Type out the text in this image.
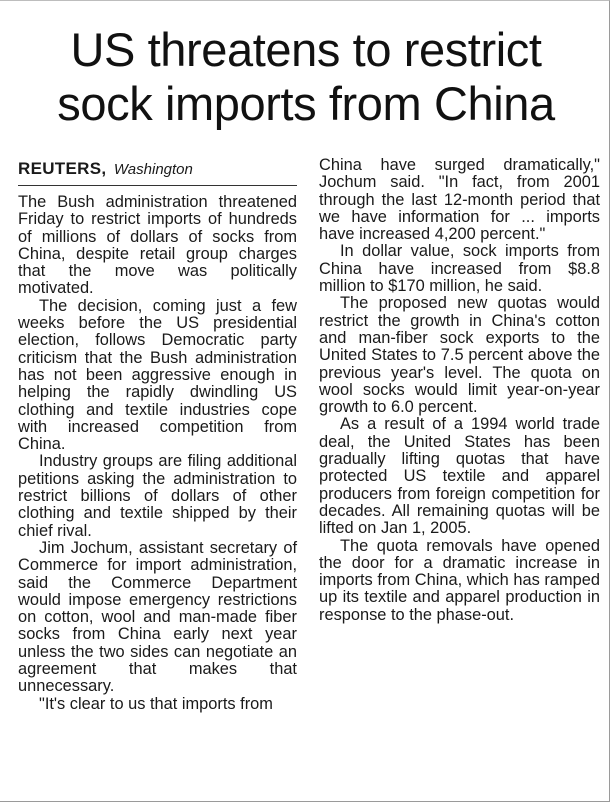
US threatens to restrict
sock imports from China

REUTERS, Washington

The Bush administration threatened Friday to restrict imports of hundreds of millions of dollars of socks from China, despite retail group charges that the move was politically motivated.

The decision, coming just a few weeks before the US presidential election, follows Democratic party criticism that the Bush administration has not been aggressive enough in helping the rapidly dwindling US clothing and textile industries cope with increased competition from China.

Industry groups are filing additional petitions asking the administration to restrict billions of dollars of other clothing and textile shipped by their chief rival.

Jim Jochum, assistant secretary of Commerce for import administration, said the Commerce Department would impose emergency restrictions on cotton, wool and man-made fiber socks from China early next year unless the two sides can negotiate an agreement that makes that unnecessary.

"It's clear to us that imports from

China have surged dramatically," Jochum said. "In fact, from 2001 through the last 12-month period that we have information for ... imports have increased 4,200 percent."

In dollar value, sock imports from China have increased from $8.8 million to $170 million, he said.

The proposed new quotas would restrict the growth in China's cotton and man-fiber sock exports to the United States to 7.5 percent above the previous year's level. The quota on wool socks would limit year-on-year growth to 6.0 percent.

As a result of a 1994 world trade deal, the United States has been gradually lifting quotas that have protected US textile and apparel producers from foreign competition for decades. All remaining quotas will be lifted on Jan 1, 2005.

The quota removals have opened the door for a dramatic increase in imports from China, which has ramped up its textile and apparel production in response to the phase-out.
